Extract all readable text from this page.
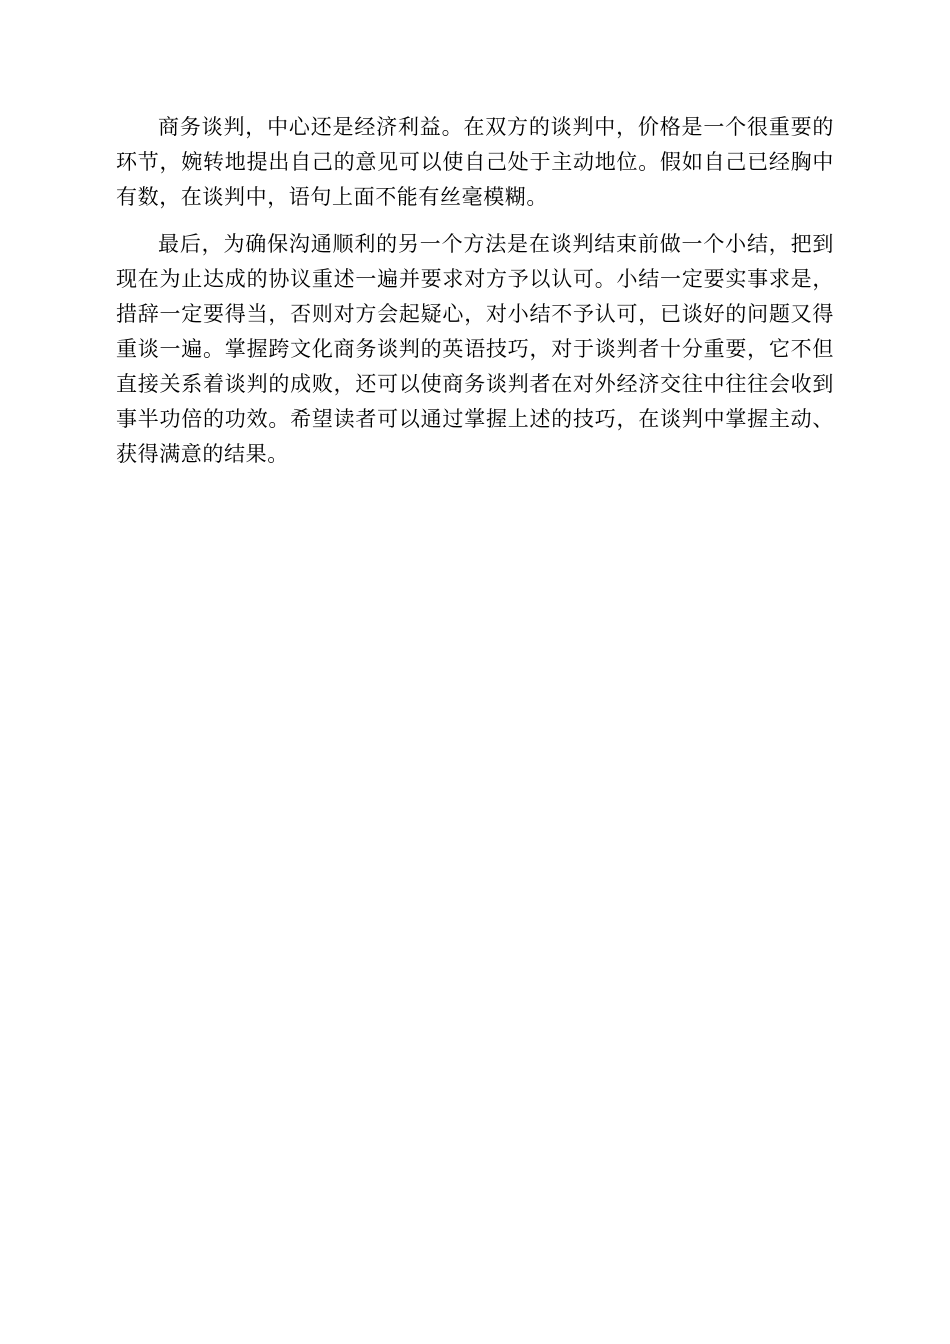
商务谈判，中心还是经济利益。在双方的谈判中，价格是一个很重要的环节，婉转地提出自己的意见可以使自己处于主动地位。假如自己已经胸中有数，在谈判中，语句上面不能有丝毫模糊。

最后，为确保沟通顺利的另一个方法是在谈判结束前做一个小结，把到现在为止达成的协议重述一遍并要求对方予以认可。小结一定要实事求是，措辞一定要得当，否则对方会起疑心，对小结不予认可，已谈好的问题又得重谈一遍。掌握跨文化商务谈判的英语技巧，对于谈判者十分重要，它不但直接关系着谈判的成败，还可以使商务谈判者在对外经济交往中往往会收到事半功倍的功效。希望读者可以通过掌握上述的技巧，在谈判中掌握主动、获得满意的结果。
